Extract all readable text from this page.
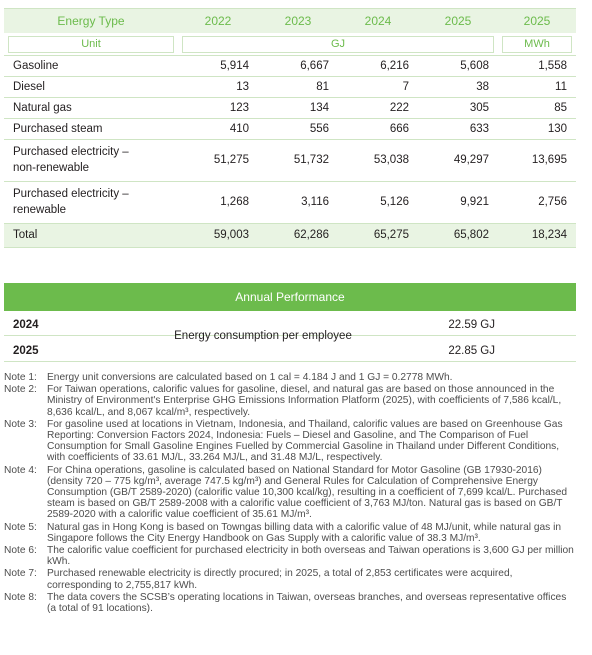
Energy Type	2022	2023	2024	2025	2025

Unit	GJ				MWh

Gasoline	5,914	6,667	6,216	5,608	1,558
Diesel	13	81	7	38	11
Natural gas	123	134	222	305	85
Purchased steam	410	556	666	633	130
Purchased electricity –
non-renewable	51,275	51,732	53,038	49,297	13,695
Purchased electricity –
renewable	1,268	3,116	5,126	9,921	2,756
Total	59,003	62,286	65,275	65,802	18,234
Annual Performance
2024	22.59 GJ
2025	22.85 GJ
Energy consumption per employee
Note 1: Energy unit conversions are calculated based on 1 cal = 4.184 J and 1 GJ = 0.2778 MWh.
Note 2: For Taiwan operations, calorific values for gasoline, diesel, and natural gas are based on those announced in the Ministry of Environment's Enterprise GHG Emissions Information Platform (2025), with coefficients of 7,586 kcal/L, 8,636 kcal/L, and 8,067 kcal/m³, respectively.
Note 3: For gasoline used at locations in Vietnam, Indonesia, and Thailand, calorific values are based on Greenhouse Gas Reporting: Conversion Factors 2024, Indonesia: Fuels – Diesel and Gasoline, and The Comparison of Fuel Consumption for Small Gasoline Engines Fuelled by Commercial Gasoline in Thailand under Different Conditions, with coefficients of 33.61 MJ/L, 33.264 MJ/L, and 31.48 MJ/L, respectively.
Note 4: For China operations, gasoline is calculated based on National Standard for Motor Gasoline (GB 17930-2016) (density 720 – 775 kg/m³, average 747.5 kg/m³) and General Rules for Calculation of Comprehensive Energy Consumption (GB/T 2589-2020) (calorific value 10,300 kcal/kg), resulting in a coefficient of 7,699 kcal/L. Purchased steam is based on GB/T 2589-2008 with a calorific value coefficient of 3,763 MJ/ton. Natural gas is based on GB/T 2589-2020 with a calorific value coefficient of 35.61 MJ/m³.
Note 5: Natural gas in Hong Kong is based on Towngas billing data with a calorific value of 48 MJ/unit, while natural gas in Singapore follows the City Energy Handbook on Gas Supply with a calorific value of 38.3 MJ/m³.
Note 6: The calorific value coefficient for purchased electricity in both overseas and Taiwan operations is 3,600 GJ per million kWh.
Note 7: Purchased renewable electricity is directly procured; in 2025, a total of 2,853 certificates were acquired, corresponding to 2,755,817 kWh.
Note 8: The data covers the SCSB’s operating locations in Taiwan, overseas branches, and overseas representative offices (a total of 91 locations).
